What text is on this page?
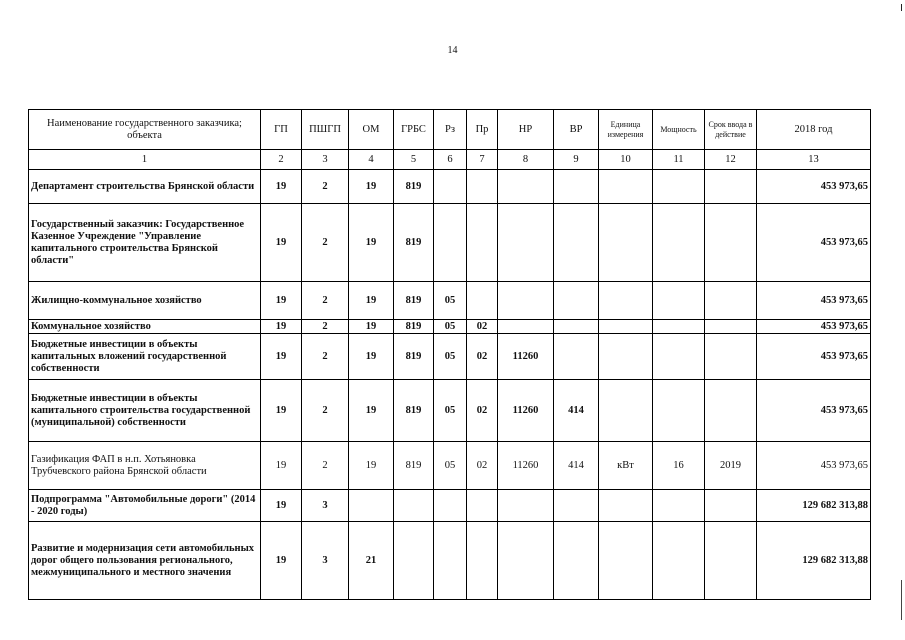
14
Наименование государственного заказчика; объекта	ГП	ПШГП	ОМ	ГРБС	Рз	Пр	НР	ВР	Единица измерения	Мощность	Срок ввода в действие	2018 год
1	2	3	4	5	6	7	8	9	10	11	12	13
Департамент строительства Брянской области	19	2	19	819								453 973,65
Государственный заказчик: Государственное Казенное Учреждение "Управление капитального строительства Брянской области"	19	2	19	819								453 973,65
Жилищно-коммунальное хозяйство	19	2	19	819	05							453 973,65
Коммунальное хозяйство	19	2	19	819	05	02						453 973,65
Бюджетные инвестиции в объекты капитальных вложений государственной собственности	19	2	19	819	05	02	11260					453 973,65
Бюджетные инвестиции в объекты капитального строительства государственной (муниципальной) собственности	19	2	19	819	05	02	11260	414				453 973,65
Газификация ФАП в н.п. Хотьяновка Трубчевского района Брянской области	19	2	19	819	05	02	11260	414	кВт	16	2019	453 973,65
Подпрограмма "Автомобильные дороги" (2014 - 2020 годы)	19	3										129 682 313,88
Развитие и модернизация сети автомобильных дорог общего пользования регионального, межмуниципального и местного значения	19	3	21									129 682 313,88
